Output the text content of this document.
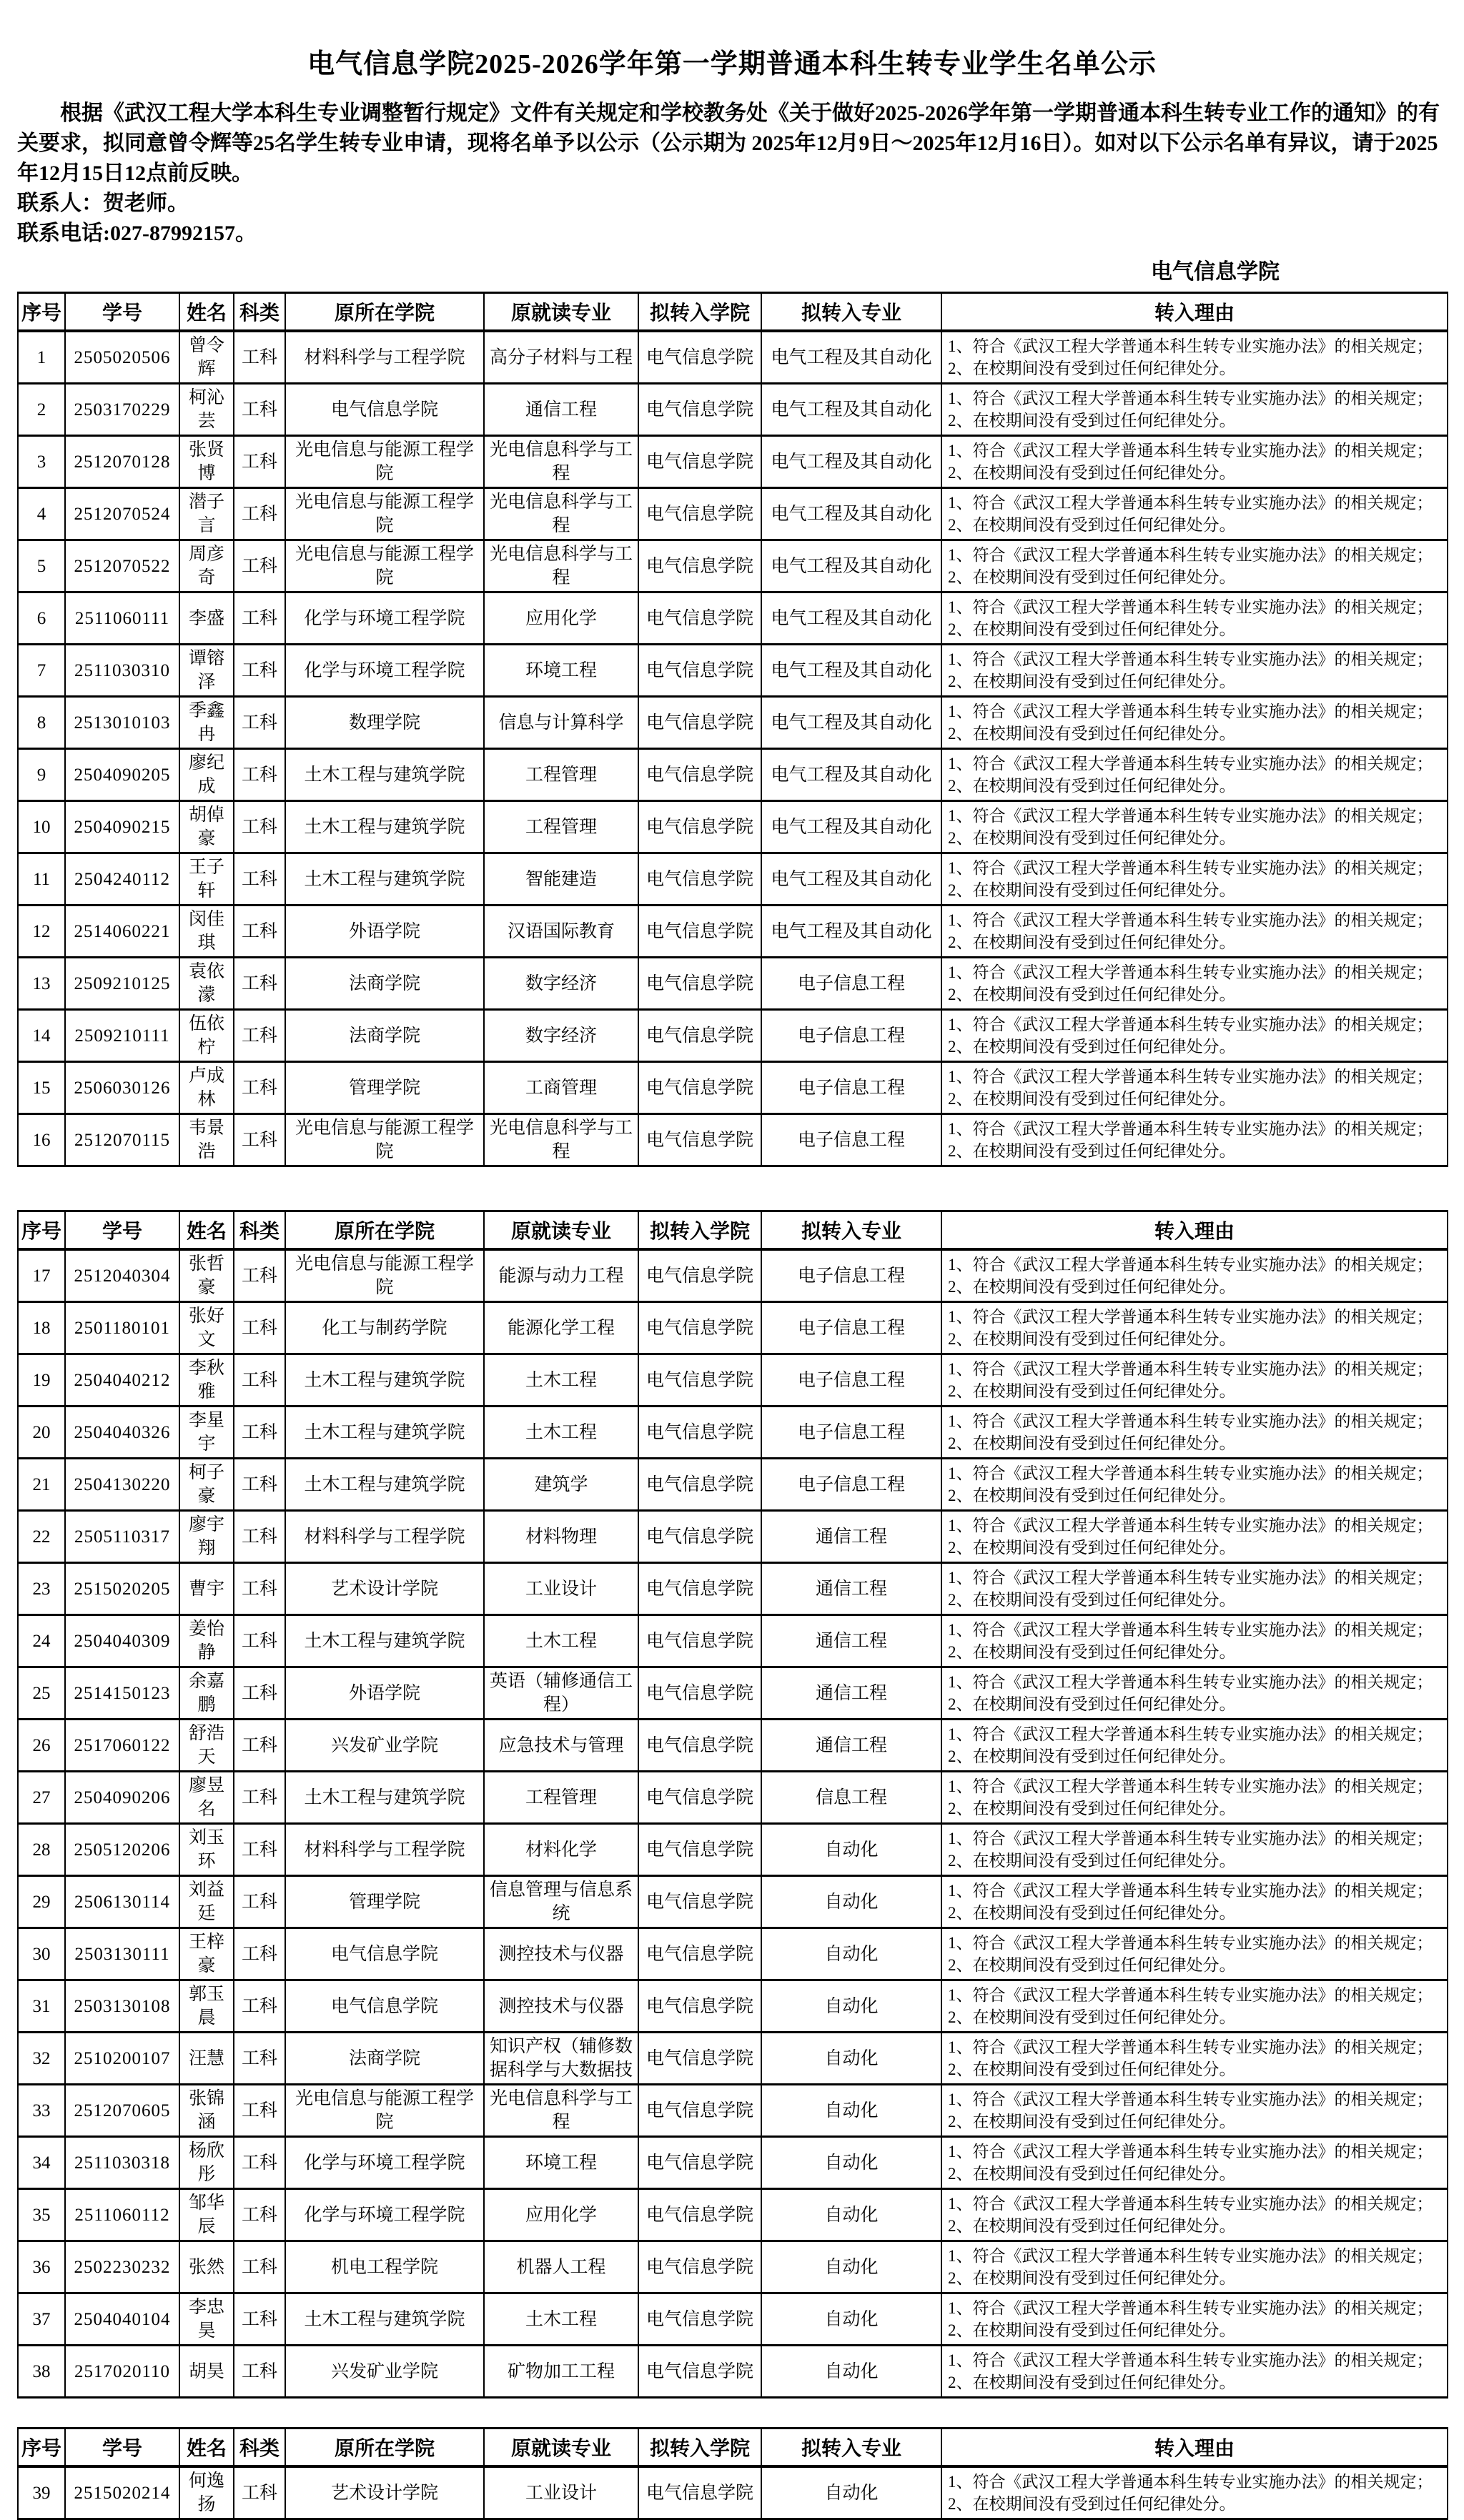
电气信息学院2025-2026学年第一学期普通本科生转专业学生名单公示
根据《武汉工程大学本科生专业调整暂行规定》文件有关规定和学校教务处《关于做好2025-2026学年第一学期普通本科生转专业工作的通知》的有关要求，拟同意曾令辉等25名学生转专业申请，现将名单予以公示（公示期为 2025年12月9日～2025年12月16日）。如对以下公示名单有异议，请于2025年12月15日12点前反映。
联系人：贺老师。
联系电话:027-87992157。
电气信息学院
序号	学号	姓名	科类	原所在学院	原就读专业	拟转入学院	拟转入专业	转入理由
1	2505020506	曾令辉	工科	材料科学与工程学院	高分子材料与工程	电气信息学院	电气工程及其自动化	1、符合《武汉工程大学普通本科生转专业实施办法》的相关规定；
2、在校期间没有受到过任何纪律处分。

2	2503170229	柯沁芸	工科	电气信息学院	通信工程	电气信息学院	电气工程及其自动化	1、符合《武汉工程大学普通本科生转专业实施办法》的相关规定；
2、在校期间没有受到过任何纪律处分。

3	2512070128	张贤博	工科	光电信息与能源工程学院	光电信息科学与工程	电气信息学院	电气工程及其自动化	1、符合《武汉工程大学普通本科生转专业实施办法》的相关规定；
2、在校期间没有受到过任何纪律处分。

4	2512070524	潜子言	工科	光电信息与能源工程学院	光电信息科学与工程	电气信息学院	电气工程及其自动化	1、符合《武汉工程大学普通本科生转专业实施办法》的相关规定；
2、在校期间没有受到过任何纪律处分。

5	2512070522	周彦奇	工科	光电信息与能源工程学院	光电信息科学与工程	电气信息学院	电气工程及其自动化	1、符合《武汉工程大学普通本科生转专业实施办法》的相关规定；
2、在校期间没有受到过任何纪律处分。

6	2511060111	李盛	工科	化学与环境工程学院	应用化学	电气信息学院	电气工程及其自动化	1、符合《武汉工程大学普通本科生转专业实施办法》的相关规定；
2、在校期间没有受到过任何纪律处分。

7	2511030310	谭镕泽	工科	化学与环境工程学院	环境工程	电气信息学院	电气工程及其自动化	1、符合《武汉工程大学普通本科生转专业实施办法》的相关规定；
2、在校期间没有受到过任何纪律处分。

8	2513010103	季鑫冉	工科	数理学院	信息与计算科学	电气信息学院	电气工程及其自动化	1、符合《武汉工程大学普通本科生转专业实施办法》的相关规定；
2、在校期间没有受到过任何纪律处分。

9	2504090205	廖纪成	工科	土木工程与建筑学院	工程管理	电气信息学院	电气工程及其自动化	1、符合《武汉工程大学普通本科生转专业实施办法》的相关规定；
2、在校期间没有受到过任何纪律处分。

10	2504090215	胡倬豪	工科	土木工程与建筑学院	工程管理	电气信息学院	电气工程及其自动化	1、符合《武汉工程大学普通本科生转专业实施办法》的相关规定；
2、在校期间没有受到过任何纪律处分。

11	2504240112	王子轩	工科	土木工程与建筑学院	智能建造	电气信息学院	电气工程及其自动化	1、符合《武汉工程大学普通本科生转专业实施办法》的相关规定；
2、在校期间没有受到过任何纪律处分。

12	2514060221	闵佳琪	工科	外语学院	汉语国际教育	电气信息学院	电气工程及其自动化	1、符合《武汉工程大学普通本科生转专业实施办法》的相关规定；
2、在校期间没有受到过任何纪律处分。

13	2509210125	袁依濛	工科	法商学院	数字经济	电气信息学院	电子信息工程	1、符合《武汉工程大学普通本科生转专业实施办法》的相关规定；
2、在校期间没有受到过任何纪律处分。

14	2509210111	伍依柠	工科	法商学院	数字经济	电气信息学院	电子信息工程	1、符合《武汉工程大学普通本科生转专业实施办法》的相关规定；
2、在校期间没有受到过任何纪律处分。

15	2506030126	卢成林	工科	管理学院	工商管理	电气信息学院	电子信息工程	1、符合《武汉工程大学普通本科生转专业实施办法》的相关规定；
2、在校期间没有受到过任何纪律处分。

16	2512070115	韦景浩	工科	光电信息与能源工程学院	光电信息科学与工程	电气信息学院	电子信息工程	1、符合《武汉工程大学普通本科生转专业实施办法》的相关规定；
2、在校期间没有受到过任何纪律处分。
序号	学号	姓名	科类	原所在学院	原就读专业	拟转入学院	拟转入专业	转入理由
17	2512040304	张哲豪	工科	光电信息与能源工程学院	能源与动力工程	电气信息学院	电子信息工程	1、符合《武汉工程大学普通本科生转专业实施办法》的相关规定；
2、在校期间没有受到过任何纪律处分。

18	2501180101	张好文	工科	化工与制药学院	能源化学工程	电气信息学院	电子信息工程	1、符合《武汉工程大学普通本科生转专业实施办法》的相关规定；
2、在校期间没有受到过任何纪律处分。

19	2504040212	李秋雅	工科	土木工程与建筑学院	土木工程	电气信息学院	电子信息工程	1、符合《武汉工程大学普通本科生转专业实施办法》的相关规定；
2、在校期间没有受到过任何纪律处分。

20	2504040326	李星宇	工科	土木工程与建筑学院	土木工程	电气信息学院	电子信息工程	1、符合《武汉工程大学普通本科生转专业实施办法》的相关规定；
2、在校期间没有受到过任何纪律处分。

21	2504130220	柯子豪	工科	土木工程与建筑学院	建筑学	电气信息学院	电子信息工程	1、符合《武汉工程大学普通本科生转专业实施办法》的相关规定；
2、在校期间没有受到过任何纪律处分。

22	2505110317	廖宇翔	工科	材料科学与工程学院	材料物理	电气信息学院	通信工程	1、符合《武汉工程大学普通本科生转专业实施办法》的相关规定；
2、在校期间没有受到过任何纪律处分。

23	2515020205	曹宇	工科	艺术设计学院	工业设计	电气信息学院	通信工程	1、符合《武汉工程大学普通本科生转专业实施办法》的相关规定；
2、在校期间没有受到过任何纪律处分。

24	2504040309	姜怡静	工科	土木工程与建筑学院	土木工程	电气信息学院	通信工程	1、符合《武汉工程大学普通本科生转专业实施办法》的相关规定；
2、在校期间没有受到过任何纪律处分。

25	2514150123	余嘉鹏	工科	外语学院	英语（辅修通信工程）	电气信息学院	通信工程	1、符合《武汉工程大学普通本科生转专业实施办法》的相关规定；
2、在校期间没有受到过任何纪律处分。

26	2517060122	舒浩天	工科	兴发矿业学院	应急技术与管理	电气信息学院	通信工程	1、符合《武汉工程大学普通本科生转专业实施办法》的相关规定；
2、在校期间没有受到过任何纪律处分。

27	2504090206	廖昱名	工科	土木工程与建筑学院	工程管理	电气信息学院	信息工程	1、符合《武汉工程大学普通本科生转专业实施办法》的相关规定；
2、在校期间没有受到过任何纪律处分。

28	2505120206	刘玉环	工科	材料科学与工程学院	材料化学	电气信息学院	自动化	1、符合《武汉工程大学普通本科生转专业实施办法》的相关规定；
2、在校期间没有受到过任何纪律处分。

29	2506130114	刘益廷	工科	管理学院	信息管理与信息系统	电气信息学院	自动化	1、符合《武汉工程大学普通本科生转专业实施办法》的相关规定；
2、在校期间没有受到过任何纪律处分。

30	2503130111	王梓豪	工科	电气信息学院	测控技术与仪器	电气信息学院	自动化	1、符合《武汉工程大学普通本科生转专业实施办法》的相关规定；
2、在校期间没有受到过任何纪律处分。

31	2503130108	郭玉晨	工科	电气信息学院	测控技术与仪器	电气信息学院	自动化	1、符合《武汉工程大学普通本科生转专业实施办法》的相关规定；
2、在校期间没有受到过任何纪律处分。

32	2510200107	汪慧	工科	法商学院	知识产权（辅修数据科学与大数据技	电气信息学院	自动化	1、符合《武汉工程大学普通本科生转专业实施办法》的相关规定；
2、在校期间没有受到过任何纪律处分。

33	2512070605	张锦涵	工科	光电信息与能源工程学院	光电信息科学与工程	电气信息学院	自动化	1、符合《武汉工程大学普通本科生转专业实施办法》的相关规定；
2、在校期间没有受到过任何纪律处分。

34	2511030318	杨欣彤	工科	化学与环境工程学院	环境工程	电气信息学院	自动化	1、符合《武汉工程大学普通本科生转专业实施办法》的相关规定；
2、在校期间没有受到过任何纪律处分。

35	2511060112	邹华辰	工科	化学与环境工程学院	应用化学	电气信息学院	自动化	1、符合《武汉工程大学普通本科生转专业实施办法》的相关规定；
2、在校期间没有受到过任何纪律处分。

36	2502230232	张然	工科	机电工程学院	机器人工程	电气信息学院	自动化	1、符合《武汉工程大学普通本科生转专业实施办法》的相关规定；
2、在校期间没有受到过任何纪律处分。

37	2504040104	李忠昊	工科	土木工程与建筑学院	土木工程	电气信息学院	自动化	1、符合《武汉工程大学普通本科生转专业实施办法》的相关规定；
2、在校期间没有受到过任何纪律处分。

38	2517020110	胡昊	工科	兴发矿业学院	矿物加工工程	电气信息学院	自动化	1、符合《武汉工程大学普通本科生转专业实施办法》的相关规定；
2、在校期间没有受到过任何纪律处分。
序号	学号	姓名	科类	原所在学院	原就读专业	拟转入学院	拟转入专业	转入理由
39	2515020214	何逸扬	工科	艺术设计学院	工业设计	电气信息学院	自动化	1、符合《武汉工程大学普通本科生转专业实施办法》的相关规定；
2、在校期间没有受到过任何纪律处分。
